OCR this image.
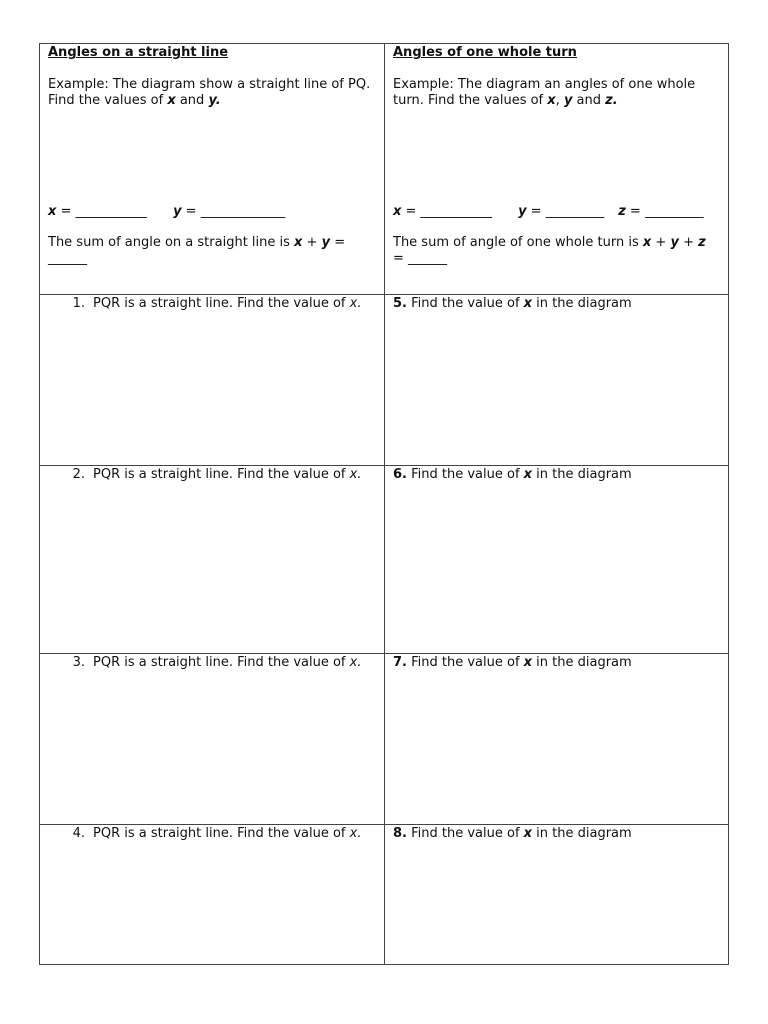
Angles on a straight line

Example: The diagram show a straight line of PQ. Find the values of x and y.

x = ___________ y = _____________

The sum of angle on a straight line is x + y = ______

Angles of one whole turn

Example: The diagram an angles of one whole turn. Find the values of x, y and z.

x = ___________ y = _________ z = _________

The sum of angle of one whole turn is x + y + z = ______

1. PQR is a straight line. Find the value of x.
2. PQR is a straight line. Find the value of x.
3. PQR is a straight line. Find the value of x.
4. PQR is a straight line. Find the value of x.

5. Find the value of x in the diagram

6. Find the value of x in the diagram

7. Find the value of x in the diagram

8. Find the value of x in the diagram
